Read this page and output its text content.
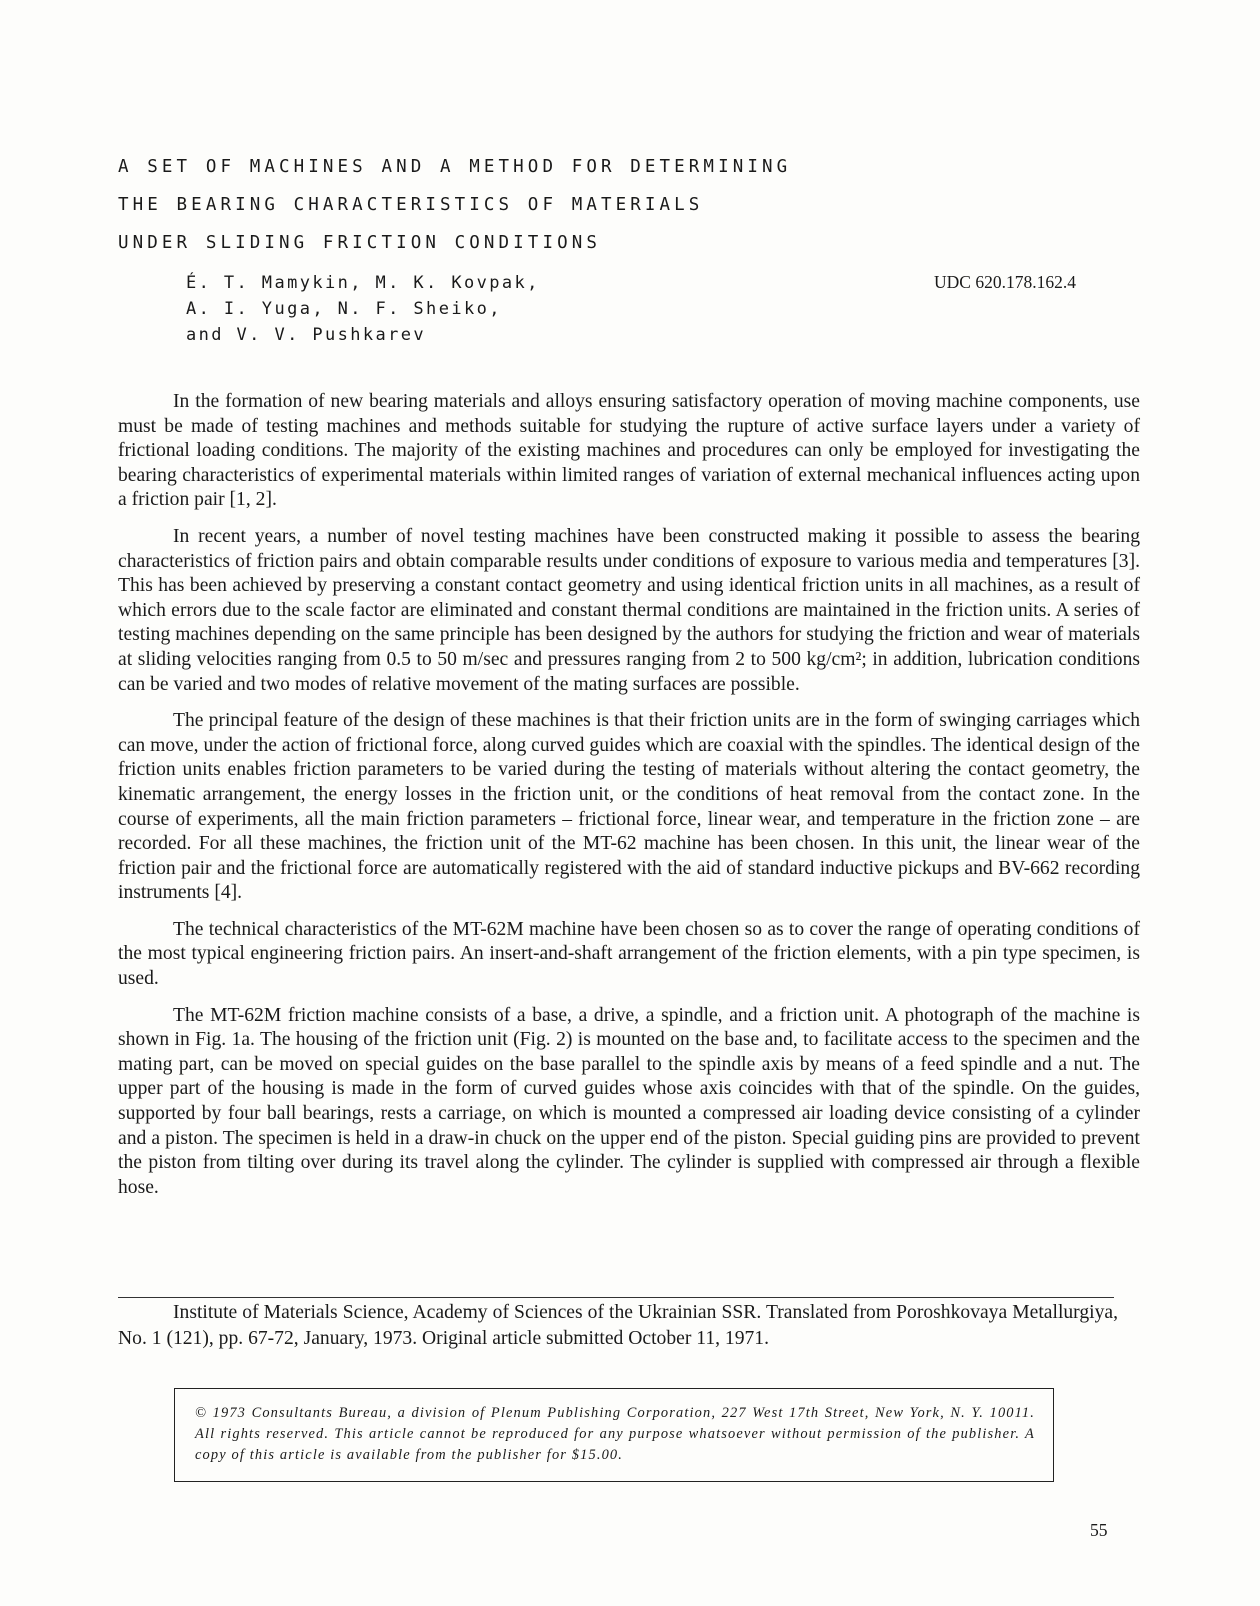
A SET OF MACHINES AND A METHOD FOR DETERMINING
THE BEARING CHARACTERISTICS OF MATERIALS
UNDER SLIDING FRICTION CONDITIONS
É. T. Mamykin, M. K. Kovpak,
A. I. Yuga, N. F. Sheiko,
and V. V. Pushkarev
UDC 620.178.162.4

In the formation of new bearing materials and alloys ensuring satisfactory operation of moving machine components, use must be made of testing machines and methods suitable for studying the rupture of active surface layers under a variety of frictional loading conditions. The majority of the existing machines and procedures can only be employed for investigating the bearing characteristics of experimental materials within limited ranges of variation of external mechanical influences acting upon a friction pair [1, 2].

In recent years, a number of novel testing machines have been constructed making it possible to assess the bearing characteristics of friction pairs and obtain comparable results under conditions of exposure to various media and temperatures [3]. This has been achieved by preserving a constant contact geometry and using identical friction units in all machines, as a result of which errors due to the scale factor are eliminated and constant thermal conditions are maintained in the friction units. A series of testing machines depending on the same principle has been designed by the authors for studying the friction and wear of materials at sliding velocities ranging from 0.5 to 50 m/sec and pressures ranging from 2 to 500 kg/cm²; in addition, lubrication conditions can be varied and two modes of relative movement of the mating surfaces are possible.

The principal feature of the design of these machines is that their friction units are in the form of swinging carriages which can move, under the action of frictional force, along curved guides which are coaxial with the spindles. The identical design of the friction units enables friction parameters to be varied during the testing of materials without altering the contact geometry, the kinematic arrangement, the energy losses in the friction unit, or the conditions of heat removal from the contact zone. In the course of experiments, all the main friction parameters – frictional force, linear wear, and temperature in the friction zone – are recorded. For all these machines, the friction unit of the MT-62 machine has been chosen. In this unit, the linear wear of the friction pair and the frictional force are automatically registered with the aid of standard inductive pickups and BV-662 recording instruments [4].

The technical characteristics of the MT-62M machine have been chosen so as to cover the range of operating conditions of the most typical engineering friction pairs. An insert-and-shaft arrangement of the friction elements, with a pin type specimen, is used.

The MT-62M friction machine consists of a base, a drive, a spindle, and a friction unit. A photograph of the machine is shown in Fig. 1a. The housing of the friction unit (Fig. 2) is mounted on the base and, to facilitate access to the specimen and the mating part, can be moved on special guides on the base parallel to the spindle axis by means of a feed spindle and a nut. The upper part of the housing is made in the form of curved guides whose axis coincides with that of the spindle. On the guides, supported by four ball bearings, rests a carriage, on which is mounted a compressed air loading device consisting of a cylinder and a piston. The specimen is held in a draw-in chuck on the upper end of the piston. Special guiding pins are provided to prevent the piston from tilting over during its travel along the cylinder. The cylinder is supplied with compressed air through a flexible hose.

Institute of Materials Science, Academy of Sciences of the Ukrainian SSR. Translated from Poroshkovaya Metallurgiya, No. 1 (121), pp. 67-72, January, 1973. Original article submitted October 11, 1971.

© 1973 Consultants Bureau, a division of Plenum Publishing Corporation, 227 West 17th Street, New York, N. Y. 10011. All rights reserved. This article cannot be reproduced for any purpose whatsoever without permission of the publisher. A copy of this article is available from the publisher for $15.00.

55
